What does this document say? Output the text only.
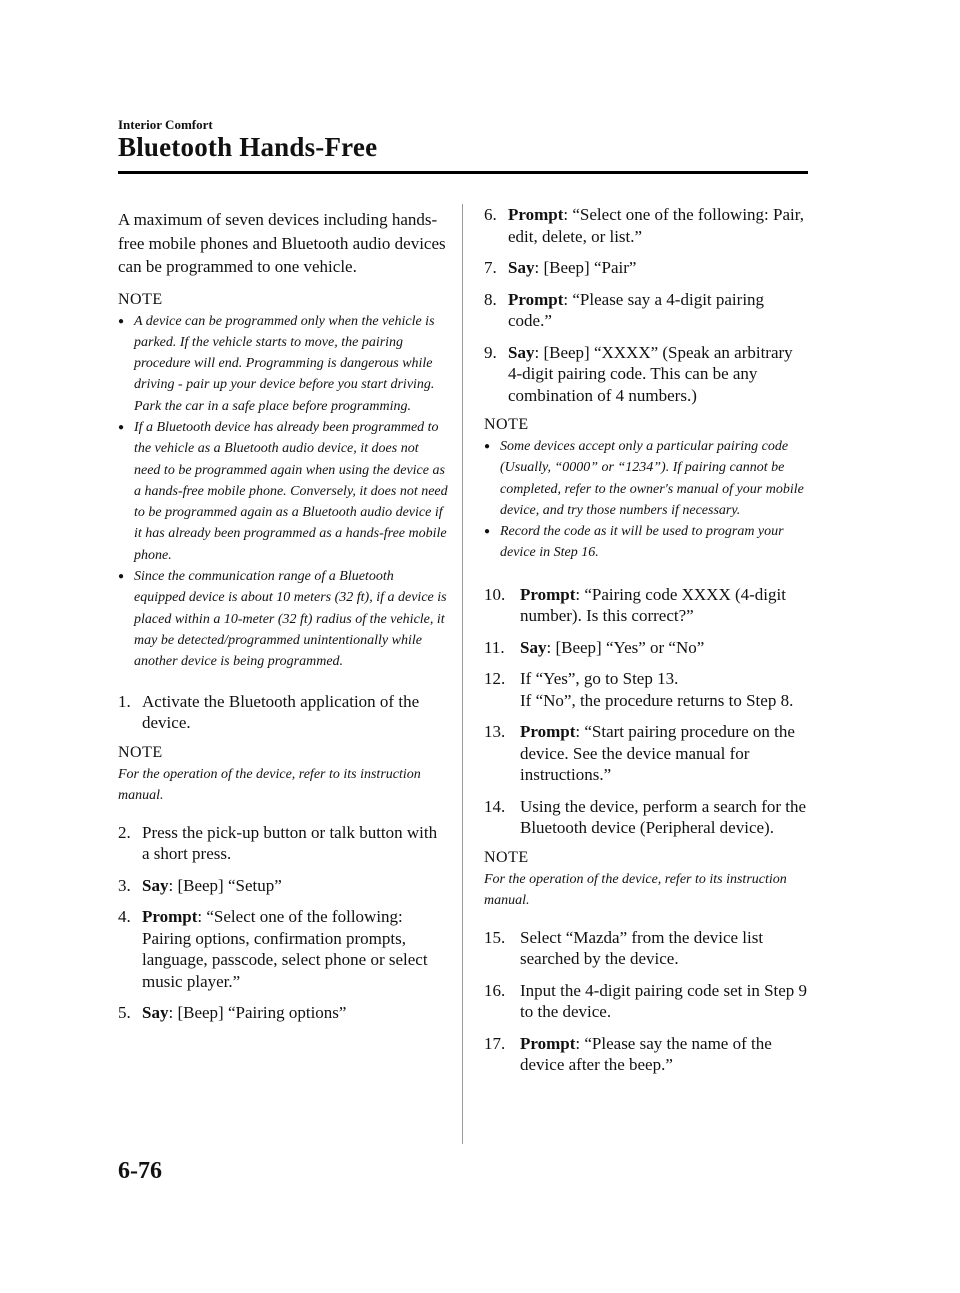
Interior Comfort
Bluetooth Hands-Free

A maximum of seven devices including hands-free mobile phones and Bluetooth audio devices can be programmed to one vehicle.

NOTE
● A device can be programmed only when the vehicle is parked. If the vehicle starts to move, the pairing procedure will end. Programming is dangerous while driving - pair up your device before you start driving. Park the car in a safe place before programming.
● If a Bluetooth device has already been programmed to the vehicle as a Bluetooth audio device, it does not need to be programmed again when using the device as a hands-free mobile phone. Conversely, it does not need to be programmed again as a Bluetooth audio device if it has already been programmed as a hands-free mobile phone.
● Since the communication range of a Bluetooth equipped device is about 10 meters (32 ft), if a device is placed within a 10-meter (32 ft) radius of the vehicle, it may be detected/programmed unintentionally while another device is being programmed.
1. Activate the Bluetooth application of the device.
NOTE

For the operation of the device, refer to its instruction manual.

2. Press the pick-up button or talk button with a short press.
3. Say: [Beep] “Setup”
4. Prompt: “Select one of the following: Pairing options, confirmation prompts, language, passcode, select phone or select music player.”
5. Say: [Beep] “Pairing options”
6. Prompt: “Select one of the following: Pair, edit, delete, or list.”
7. Say: [Beep] “Pair”
8. Prompt: “Please say a 4-digit pairing code.”
9. Say: [Beep] “XXXX” (Speak an arbitrary 4-digit pairing code. This can be any combination of 4 numbers.)
NOTE
● Some devices accept only a particular pairing code (Usually, “0000” or “1234”). If pairing cannot be completed, refer to the owner's manual of your mobile device, and try those numbers if necessary.
● Record the code as it will be used to program your device in Step 16.
10. Prompt: “Pairing code XXXX (4-digit number). Is this correct?”
11. Say: [Beep] “Yes” or “No”
12. If “Yes”, go to Step 13.
If “No”, the procedure returns to Step 8.
13. Prompt: “Start pairing procedure on the device. See the device manual for instructions.”
14. Using the device, perform a search for the Bluetooth device (Peripheral device).
NOTE

For the operation of the device, refer to its instruction manual.

15. Select “Mazda” from the device list searched by the device.
16. Input the 4-digit pairing code set in Step 9 to the device.
17. Prompt: “Please say the name of the device after the beep.”
6-76
